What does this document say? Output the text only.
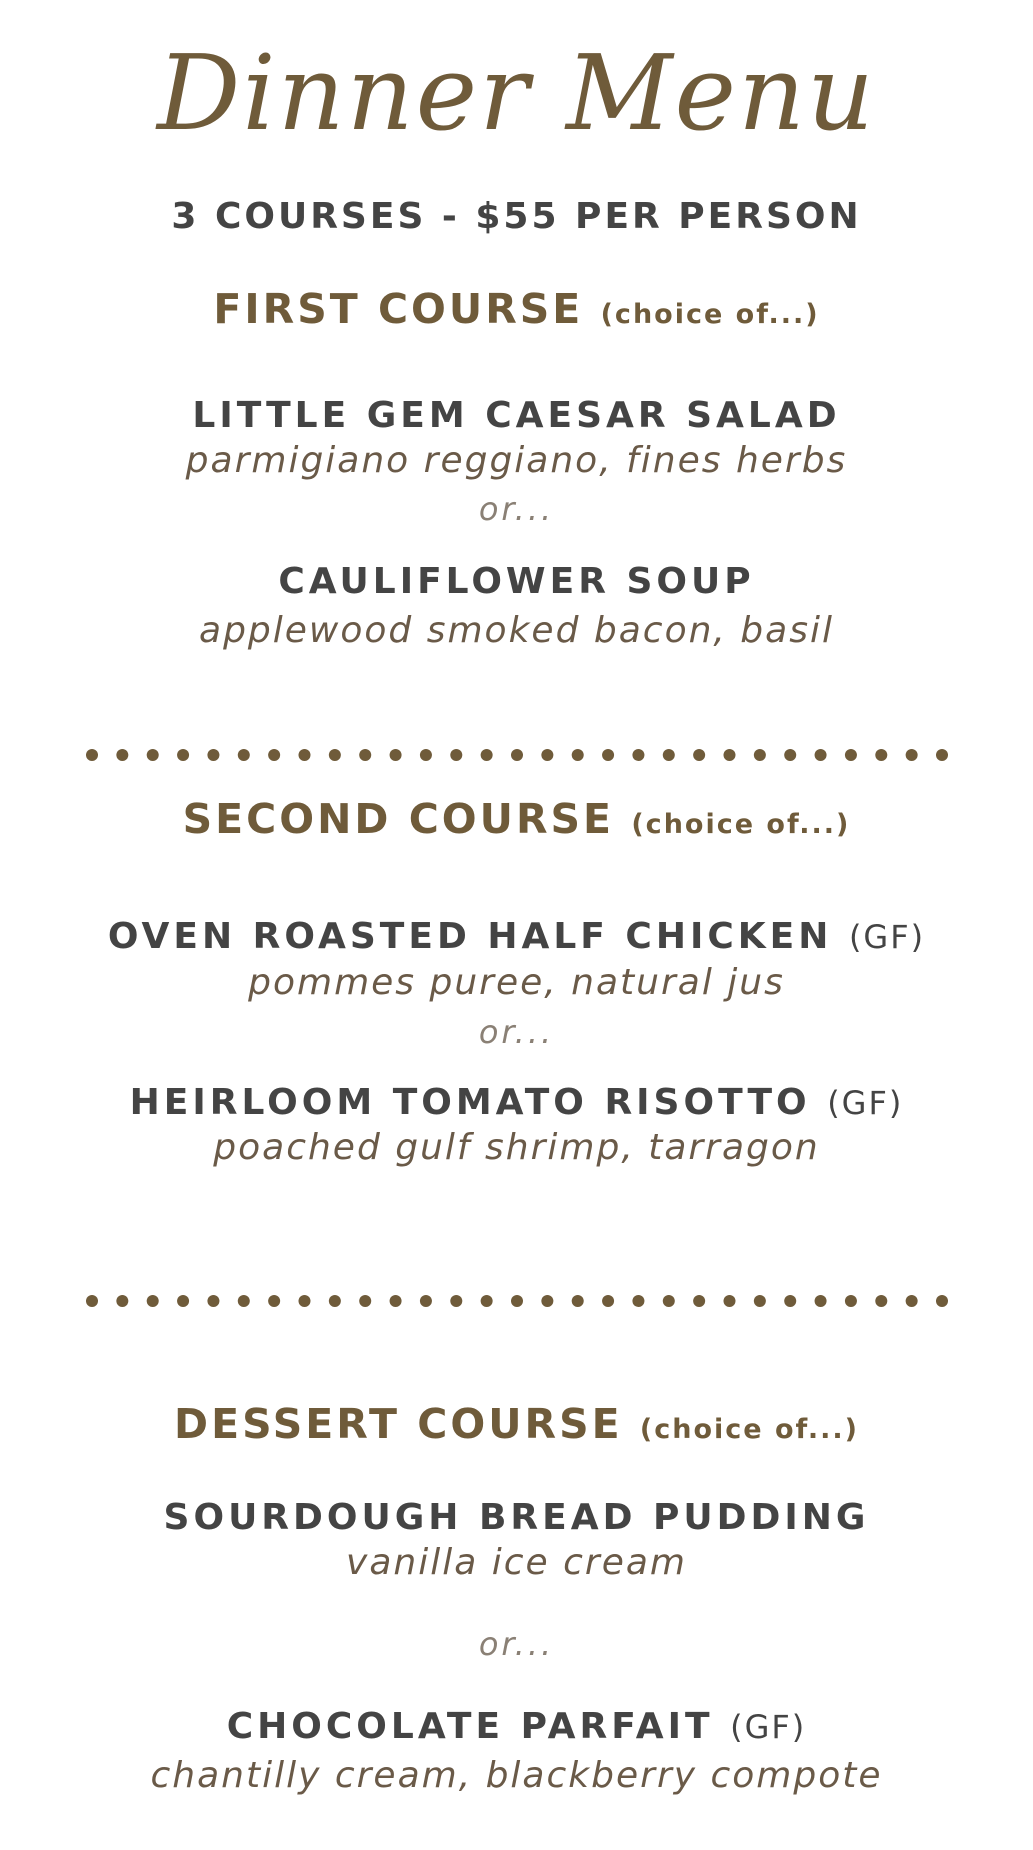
Dinner Menu
3 COURSES - $55 PER PERSON
FIRST COURSE (choice of...)
LITTLE GEM CAESAR SALAD
parmigiano reggiano, fines herbs
or...
CAULIFLOWER SOUP
applewood smoked bacon, basil
SECOND COURSE (choice of...)
OVEN ROASTED HALF CHICKEN (GF)
pommes puree, natural jus
or...
HEIRLOOM TOMATO RISOTTO (GF)
poached gulf shrimp, tarragon
DESSERT COURSE (choice of...)
SOURDOUGH BREAD PUDDING
vanilla ice cream
or...
CHOCOLATE PARFAIT (GF)
chantilly cream, blackberry compote
